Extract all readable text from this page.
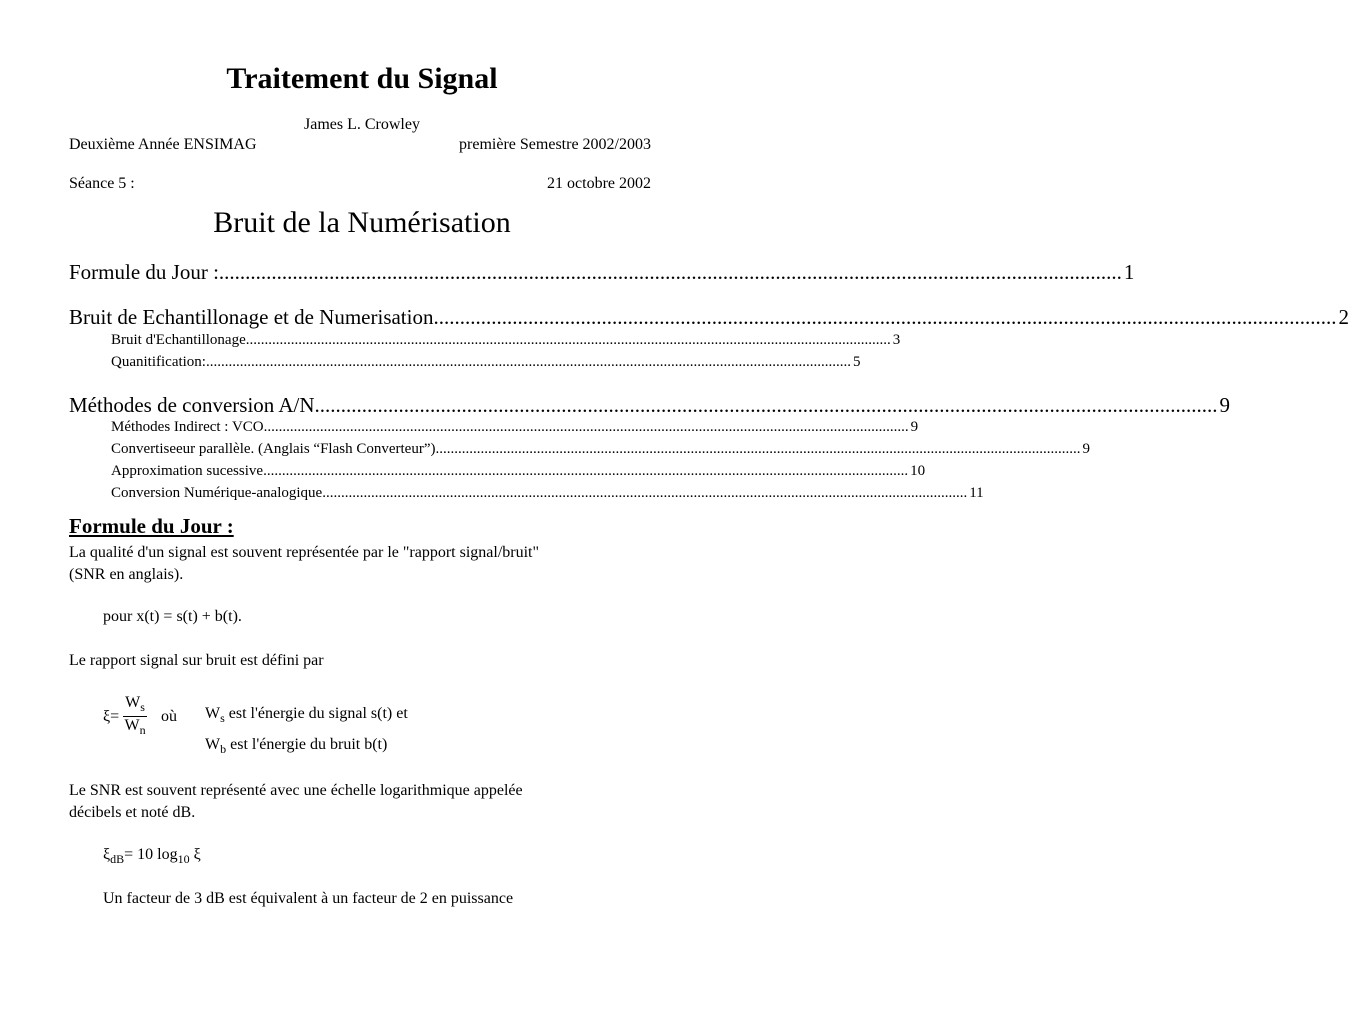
Traitement du Signal
James L. Crowley
Deuxième Année ENSIMAG	première Semestre 2002/2003
Séance 5 :	21 octobre 2002
Bruit de la Numérisation
Formule du Jour : ............................................................................................................................................................................ 1
Bruit de Echantillonage et de Numerisation ............................................................................................................................................................................ 2
Bruit d'Echantillonage ............................................................................................................................................................................ 3
Quanitification: ............................................................................................................................................................................ 5
Méthodes de conversion A/N ............................................................................................................................................................................ 9
Méthodes Indirect : VCO ............................................................................................................................................................................ 9
Convertiseeur parallèle. (Anglais “Flash Converteur”) ............................................................................................................................................................................ 9
Approximation sucessive ............................................................................................................................................................................ 10
Conversion Numérique-analogique ............................................................................................................................................................................ 11
Formule du Jour :
La qualité d'un signal est souvent représentée par le "rapport signal/bruit"
(SNR en anglais).
pour x(t) = s(t) + b(t).
Le rapport signal sur bruit est défini par
$\xi= \frac{W_s}{W_n}$ où $W_s$ est l'énergie du signal s(t) et
$W_b$ est l'énergie du bruit b(t)
Le SNR est souvent représenté avec une échelle logarithmique appelée
décibels et noté dB.
$\xi_{dB}= 10$ $\log_{10} \xi$
Un facteur de 3 dB est équivalent à un facteur de 2 en puissance
